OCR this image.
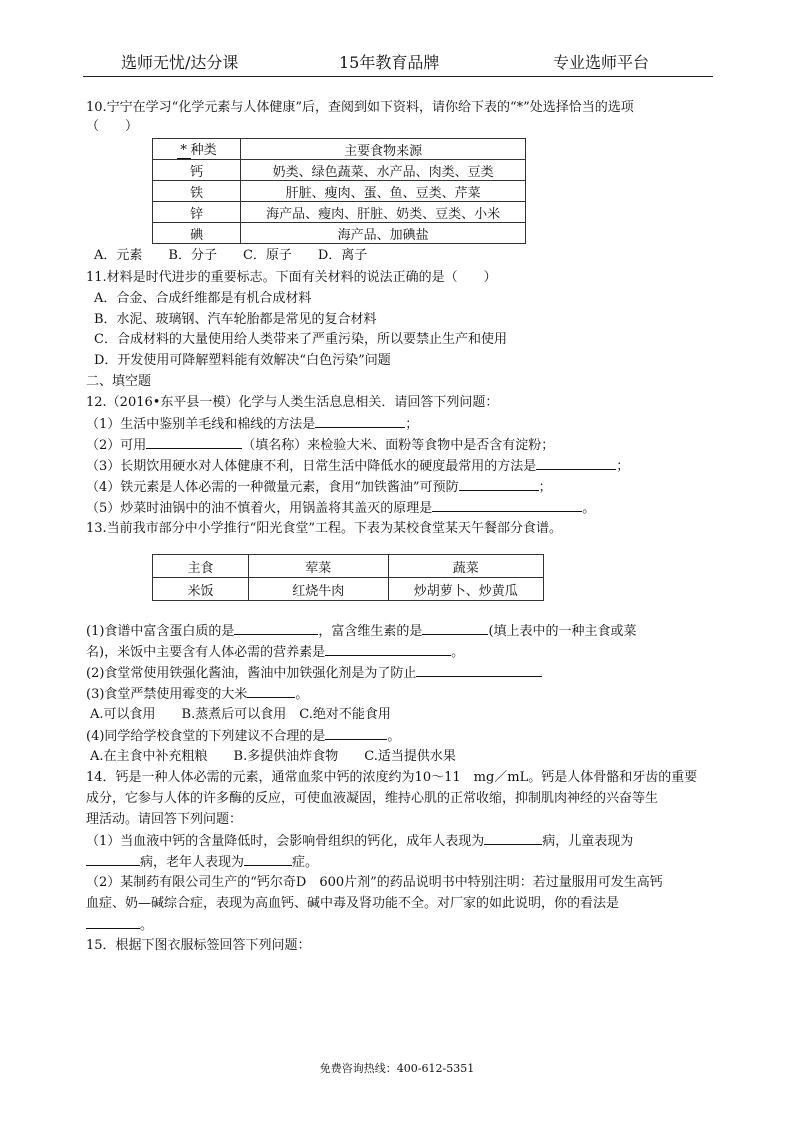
选师无忧/达分课	15年教育品牌	专业选师平台
10.宁宁在学习“化学元素与人体健康”后，查阅到如下资料，请你给下表的“*”处选择恰当的选项
（　　）
* 种类	主要食物来源
钙	奶类、绿色蔬菜、水产品、肉类、豆类
铁	肝脏、瘦肉、蛋、鱼、豆类、芹菜
锌	海产品、瘦肉、肝脏、奶类、豆类、小米
碘	海产品、加碘盐
A．元素　　B．分子　　C．原子　　D．离子
11.材料是时代进步的重要标志。下面有关材料的说法正确的是（　　）
A．合金、合成纤维都是有机合成材料
B．水泥、玻璃钢、汽车轮胎都是常见的复合材料
C．合成材料的大量使用给人类带来了严重污染，所以要禁止生产和使用
D．开发使用可降解塑料能有效解决“白色污染”问题
二、填空题
12.（2016•东平县一模）化学与人类生活息息相关．请回答下列问题：
（1）生活中鉴别羊毛线和棉线的方法是	；
（2）可用	（填名称）来检验大米、面粉等食物中是否含有淀粉；
（3）长期饮用硬水对人体健康不利，日常生活中降低水的硬度最常用的方法是	；
（4）铁元素是人体必需的一种微量元素，食用“加铁酱油”可预防	；
（5）炒菜时油锅中的油不慎着火，用锅盖将其盖灭的原理是	。
13.当前我市部分中小学推行“阳光食堂”工程。下表为某校食堂某天午餐部分食谱。
主食	荤菜	蔬菜
米饭	红烧牛肉	炒胡萝卜、炒黄瓜
(1)食谱中富含蛋白质的是	，富含维生素的是	(填上表中的一种主食或菜
名)，米饭中主要含有人体必需的营养素是	。
(2)食堂常使用铁强化酱油，酱油中加铁强化剂是为了防止
(3)食堂严禁使用霉变的大米	。
A.可以食用　　B.蒸煮后可以食用　C.绝对不能食用
(4)同学给学校食堂的下列建议不合理的是	。
A.在主食中补充粗粮　　B.多提供油炸食物　　C.适当提供水果
14．钙是一种人体必需的元素，通常血浆中钙的浓度约为10～11　mg／mL。钙是人体骨骼和牙齿的重要
成分，它参与人体的许多酶的反应，可使血液凝固，维持心肌的正常收缩，抑制肌肉神经的兴奋等生
理活动。请回答下列问题：
（1）当血液中钙的含量降低时，会影响骨组织的钙化，成年人表现为	病，儿童表现为
病，老年人表现为	症。
（2）某制药有限公司生产的“钙尔奇D　600片剂”的药品说明书中特别注明：若过量服用可发生高钙
血症、奶—碱综合症，表现为高血钙、碱中毒及肾功能不全。对厂家的如此说明，你的看法是
。
15．根据下图衣服标签回答下列问题：
免费咨询热线：400-612-5351
